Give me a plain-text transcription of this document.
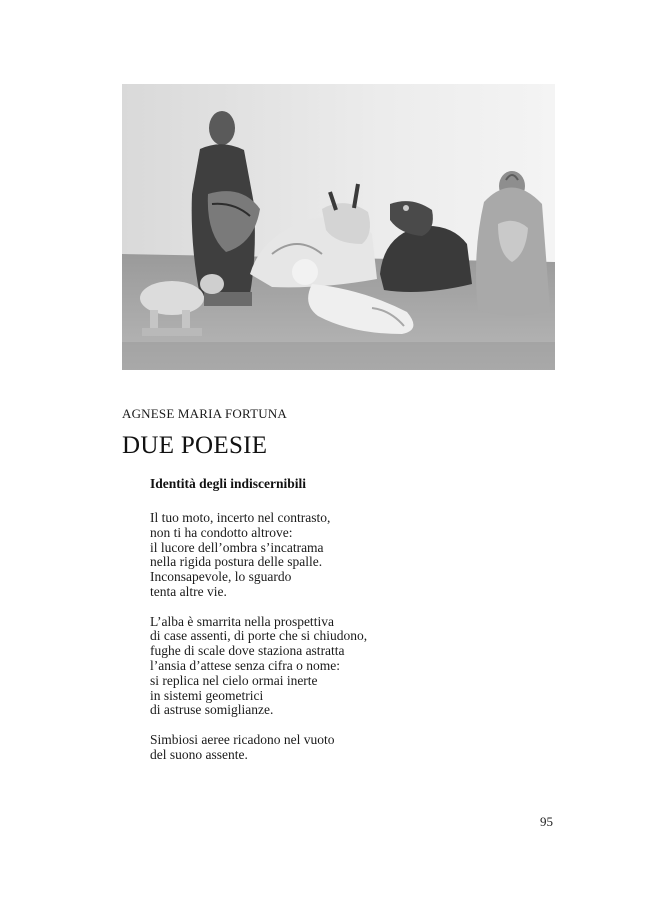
AGNESE MARIA FORTUNA
DUE POESIE
Identità degli indiscernibili
Il tuo moto, incerto nel contrasto,
non ti ha condotto altrove:
il lucore dell’ombra s’incatrama
nella rigida postura delle spalle.
Inconsapevole, lo sguardo
tenta altre vie.
L’alba è smarrita nella prospettiva
di case assenti, di porte che si chiudono,
fughe di scale dove staziona astratta
l’ansia d’attese senza cifra o nome:
si replica nel cielo ormai inerte
in sistemi geometrici
di astruse somiglianze.
Simbiosi aeree ricadono nel vuoto
del suono assente.
95
